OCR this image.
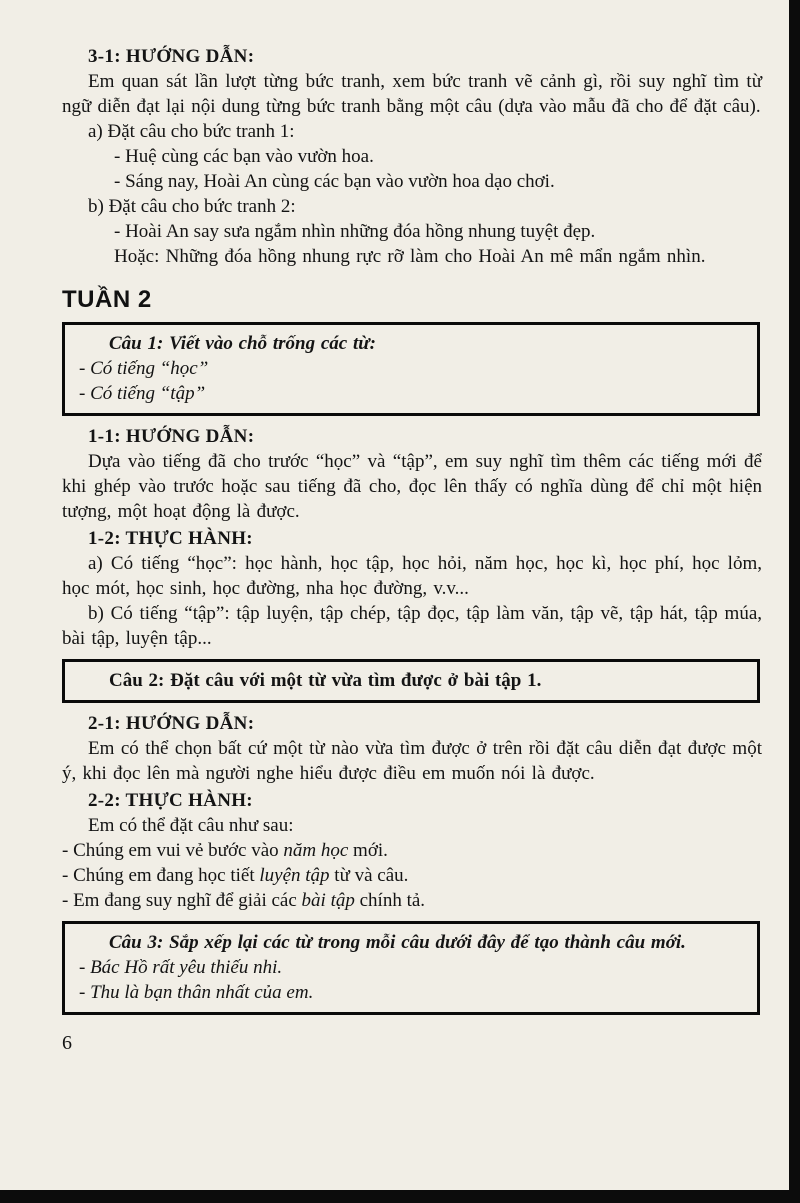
3-1: HƯỚNG DẪN:

Em quan sát lần lượt từng bức tranh, xem bức tranh vẽ cảnh gì, rồi suy nghĩ tìm từ ngữ diễn đạt lại nội dung từng bức tranh bằng một câu (dựa vào mẫu đã cho để đặt câu).

a) Đặt câu cho bức tranh 1:

- Huệ cùng các bạn vào vườn hoa.

- Sáng nay, Hoài An cùng các bạn vào vườn hoa dạo chơi.

b) Đặt câu cho bức tranh 2:

- Hoài An say sưa ngắm nhìn những đóa hồng nhung tuyệt đẹp.

Hoặc: Những đóa hồng nhung rực rỡ làm cho Hoài An mê mẩn ngắm nhìn.

TUẦN 2

Câu 1: Viết vào chỗ trống các từ:

- Có tiếng “học”

- Có tiếng “tập”

1-1: HƯỚNG DẪN:

Dựa vào tiếng đã cho trước “học” và “tập”, em suy nghĩ tìm thêm các tiếng mới để khi ghép vào trước hoặc sau tiếng đã cho, đọc lên thấy có nghĩa dùng để chỉ một hiện tượng, một hoạt động là được.

1-2: THỰC HÀNH:

a) Có tiếng “học”: học hành, học tập, học hỏi, năm học, học kì, học phí, học lỏm, học mót, học sinh, học đường, nha học đường, v.v...

b) Có tiếng “tập”: tập luyện, tập chép, tập đọc, tập làm văn, tập vẽ, tập hát, tập múa, bài tập, luyện tập...

Câu 2: Đặt câu với một từ vừa tìm được ở bài tập 1.

2-1: HƯỚNG DẪN:

Em có thể chọn bất cứ một từ nào vừa tìm được ở trên rồi đặt câu diễn đạt được một ý, khi đọc lên mà người nghe hiểu được điều em muốn nói là được.

2-2: THỰC HÀNH:

Em có thể đặt câu như sau:

- Chúng em vui vẻ bước vào năm học mới.

- Chúng em đang học tiết luyện tập từ và câu.

- Em đang suy nghĩ để giải các bài tập chính tả.

Câu 3: Sắp xếp lại các từ trong mỗi câu dưới đây để tạo thành câu mới.

- Bác Hồ rất yêu thiếu nhi.

- Thu là bạn thân nhất của em.

6
